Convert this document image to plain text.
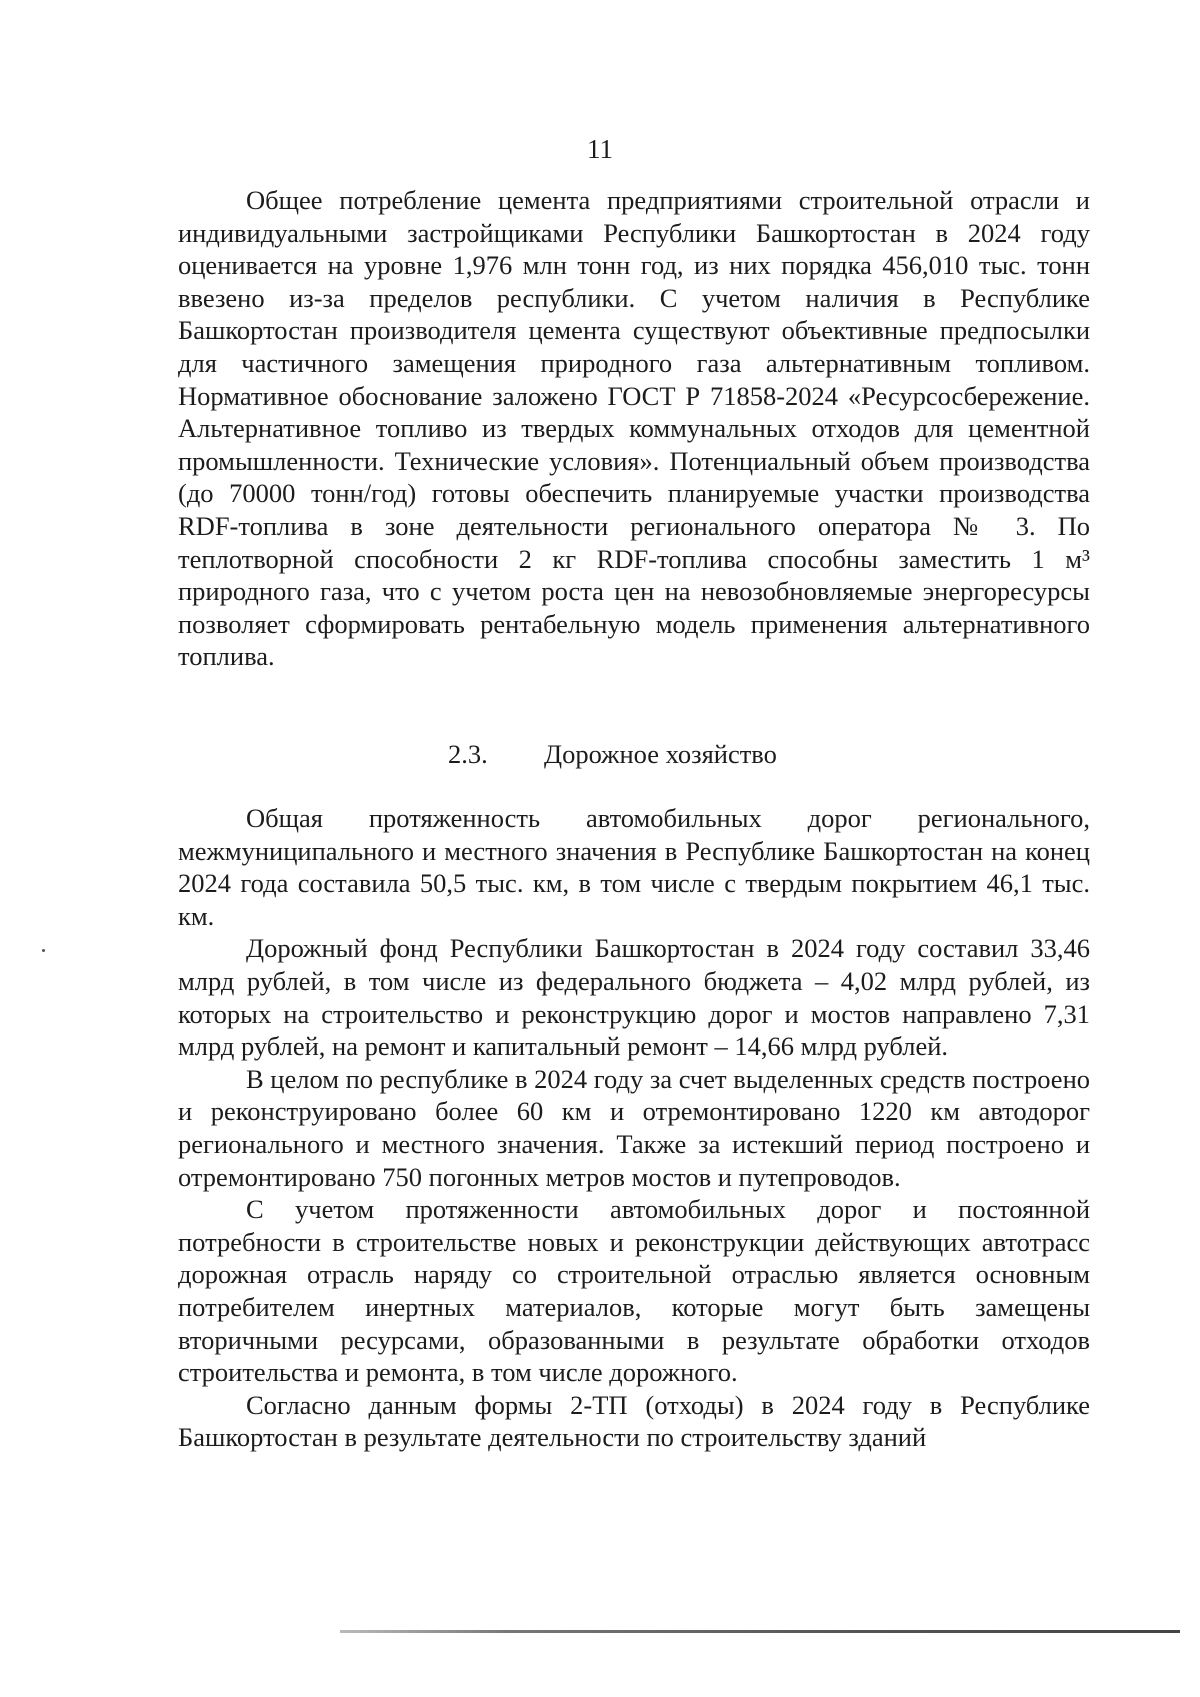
11

Общее потребление цемента предприятиями строительной отрасли и индивидуальными застройщиками Республики Башкортостан в 2024 году оценивается на уровне 1,976 млн тонн год, из них порядка 456,010 тыс. тонн ввезено из-за пределов республики. С учетом наличия в Республике Башкортостан производителя цемента существуют объективные предпосылки для частичного замещения природного газа альтернативным топливом. Нормативное обоснование заложено ГОСТ Р 71858-2024 «Ресурсосбережение. Альтернативное топливо из твердых коммунальных отходов для цементной промышленности. Технические условия». Потенциальный объем производства (до 70000 тонн/год) готовы обеспечить планируемые участки производства RDF-топлива в зоне деятельности регионального оператора № 3. По теплотворной способности 2 кг RDF-топлива способны заместить 1 м³ природного газа, что с учетом роста цен на невозобновляемые энергоресурсы позволяет сформировать рентабельную модель применения альтернативного топлива.

2.3. Дорожное хозяйство

Общая протяженность автомобильных дорог регионального, межмуниципального и местного значения в Республике Башкортостан на конец 2024 года составила 50,5 тыс. км, в том числе с твердым покрытием 46,1 тыс. км.

Дорожный фонд Республики Башкортостан в 2024 году составил 33,46 млрд рублей, в том числе из федерального бюджета – 4,02 млрд рублей, из которых на строительство и реконструкцию дорог и мостов направлено 7,31 млрд рублей, на ремонт и капитальный ремонт – 14,66 млрд рублей.

В целом по республике в 2024 году за счет выделенных средств построено и реконструировано более 60 км и отремонтировано 1220 км автодорог регионального и местного значения. Также за истекший период построено и отремонтировано 750 погонных метров мостов и путепроводов.

С учетом протяженности автомобильных дорог и постоянной потребности в строительстве новых и реконструкции действующих автотрасс дорожная отрасль наряду со строительной отраслью является основным потребителем инертных материалов, которые могут быть замещены вторичными ресурсами, образованными в результате обработки отходов строительства и ремонта, в том числе дорожного.

Согласно данным формы 2-ТП (отходы) в 2024 году в Республике Башкортостан в результате деятельности по строительству зданий
